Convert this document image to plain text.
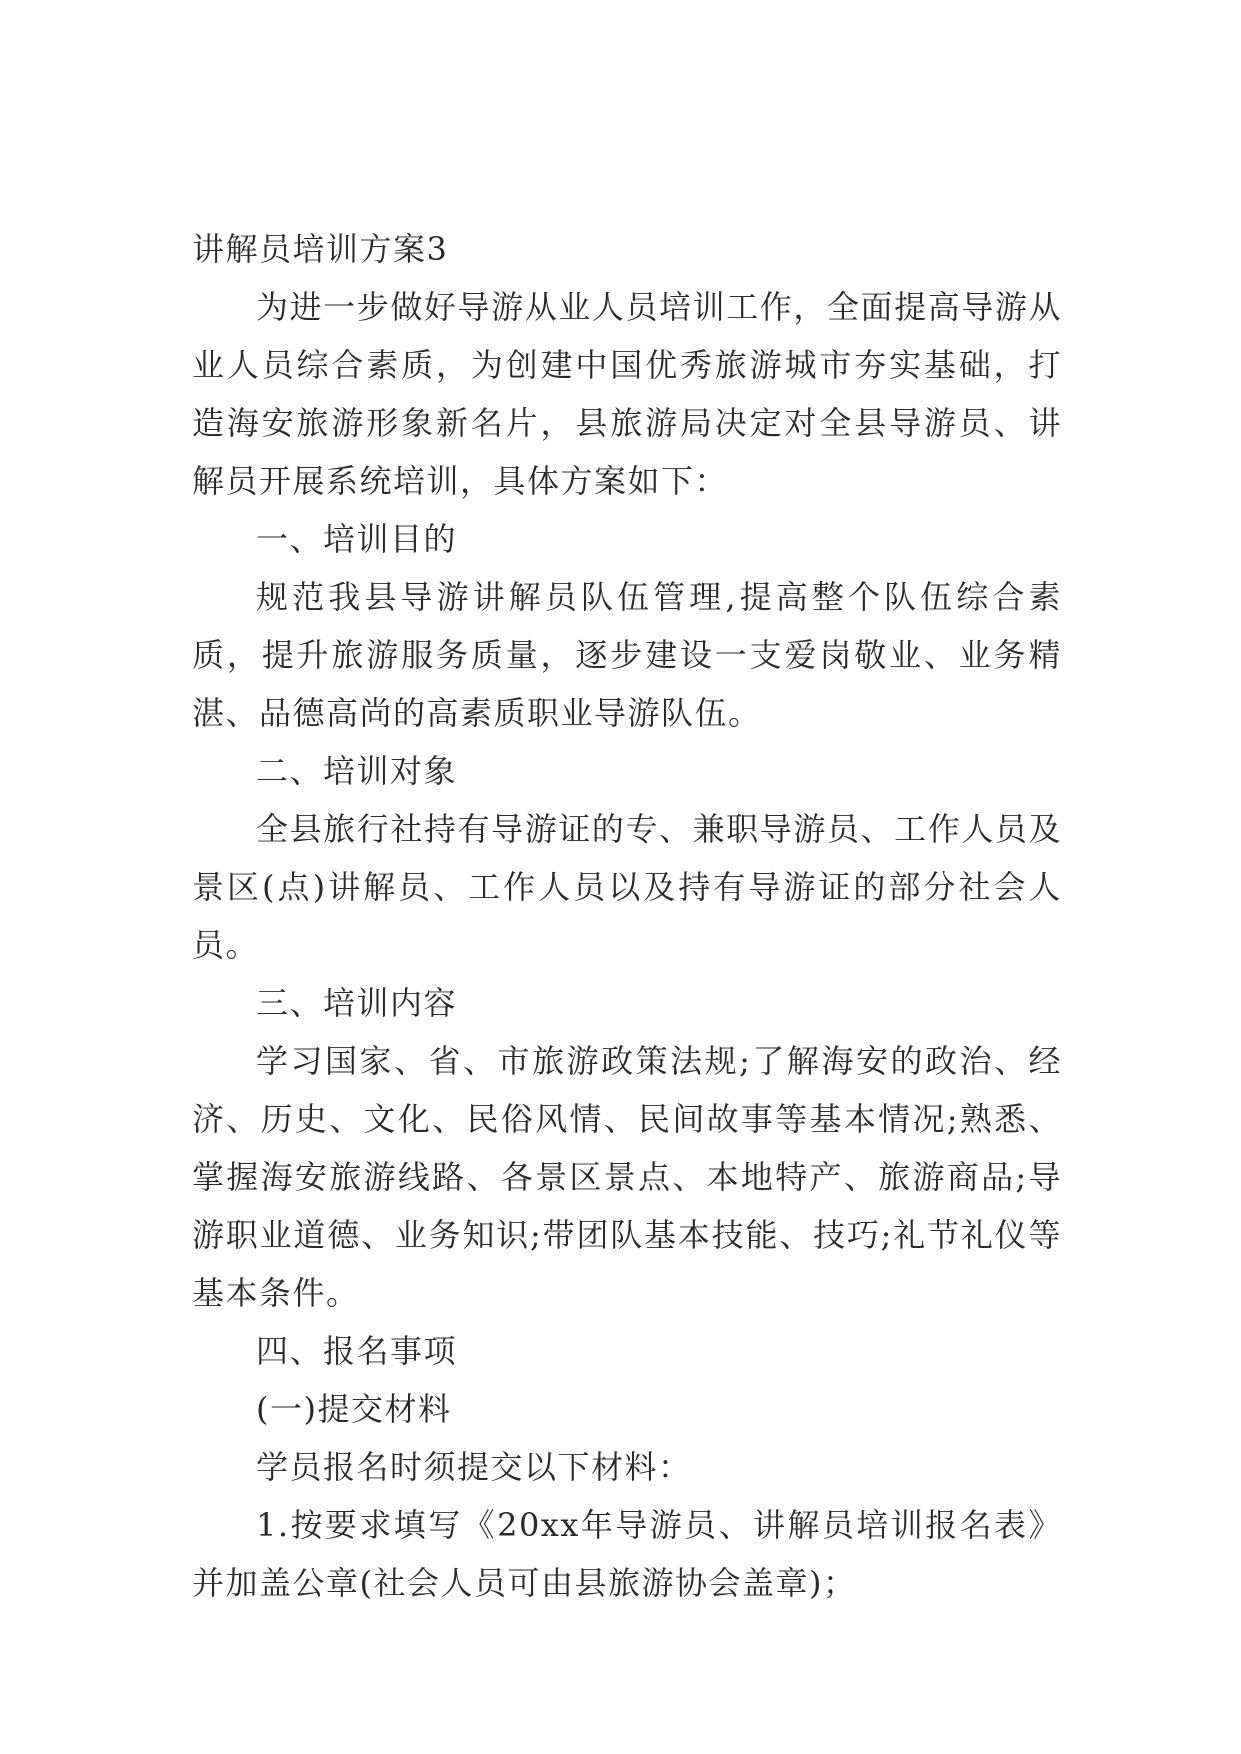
讲解员培训方案3

为进一步做好导游从业人员培训工作，全面提高导游从业人员综合素质，为创建中国优秀旅游城市夯实基础，打造海安旅游形象新名片，县旅游局决定对全县导游员、讲解员开展系统培训，具体方案如下：

一、培训目的

规范我县导游讲解员队伍管理,提高整个队伍综合素质，提升旅游服务质量，逐步建设一支爱岗敬业、业务精湛、品德高尚的高素质职业导游队伍。

二、培训对象

全县旅行社持有导游证的专、兼职导游员、工作人员及景区(点)讲解员、工作人员以及持有导游证的部分社会人员。

三、培训内容

学习国家、省、市旅游政策法规;了解海安的政治、经济、历史、文化、民俗风情、民间故事等基本情况;熟悉、掌握海安旅游线路、各景区景点、本地特产、旅游商品;导游职业道德、业务知识;带团队基本技能、技巧;礼节礼仪等基本条件。

四、报名事项

(一)提交材料

学员报名时须提交以下材料：

1.按要求填写《20xx年导游员、讲解员培训报名表》并加盖公章(社会人员可由县旅游协会盖章)；
